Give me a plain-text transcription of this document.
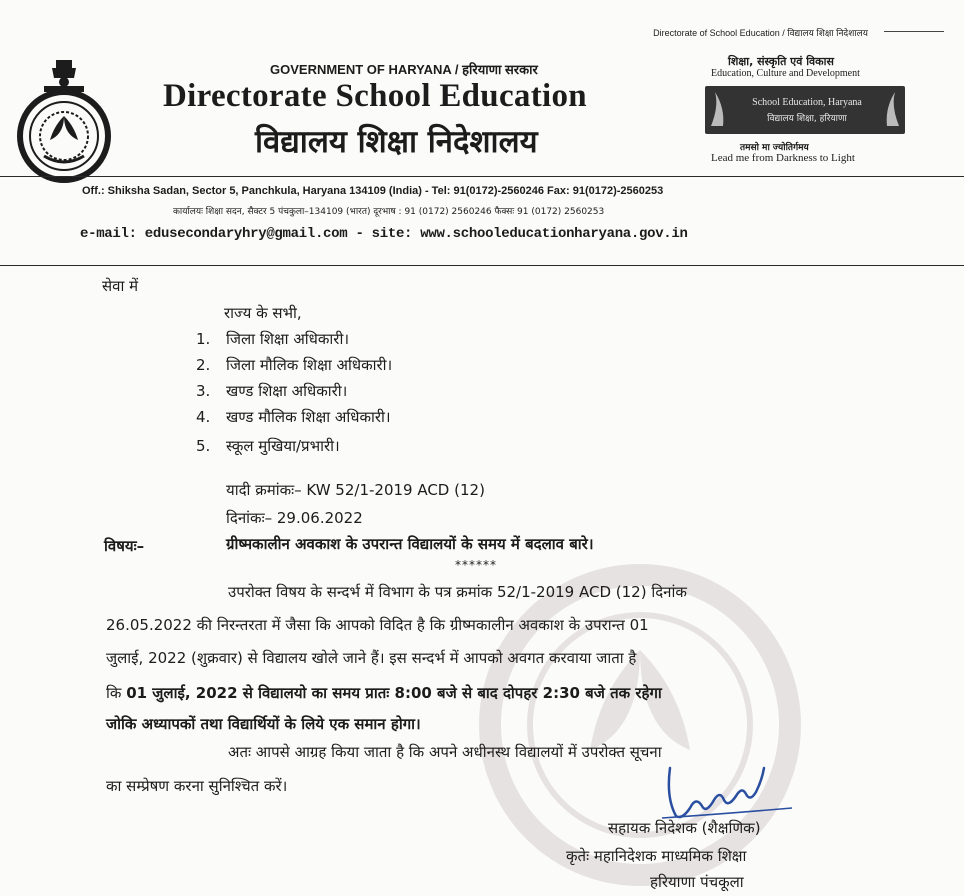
Directorate of School Education / विद्यालय शिक्षा निदेशालय
GOVERNMENT OF HARYANA / हरियाणा सरकार
Directorate School Education
विद्यालय शिक्षा निदेशालय
शिक्षा, संस्कृति एवं विकास
Education, Culture and Development
School Education, Haryana
विद्यालय शिक्षा, हरियाणा
तमसो मा ज्योतिर्गमय
Lead me from Darkness to Light
Off.: Shiksha Sadan, Sector 5, Panchkula, Haryana 134109 (India) - Tel: 91(0172)-2560246 Fax: 91(0172)-2560253
कार्यालयः शिक्षा सदन, सैक्टर 5 पंचकुला–134109 (भारत) दूरभाष : 91 (0172) 2560246 फैक्सः 91 (0172) 2560253
e-mail: edusecondaryhry@gmail.com - site: www.schooleducationharyana.gov.in
सेवा में
राज्य के सभी,
1. जिला शिक्षा अधिकारी।
2. जिला मौलिक शिक्षा अधिकारी।
3. खण्ड शिक्षा अधिकारी।
4. खण्ड मौलिक शिक्षा अधिकारी।
5. स्कूल मुखिया/प्रभारी।
यादी क्रमांकः– KW 52/1-2019 ACD (12)
दिनांकः– 29.06.2022
विषयः–	ग्रीष्मकालीन अवकाश के उपरान्त विद्यालयों के समय में बदलाव बारे।
******
उपरोक्त विषय के सन्दर्भ में विभाग के पत्र क्रमांक 52/1-2019 ACD (12) दिनांक
26.05.2022 की निरन्तरता में जैसा कि आपको विदित है कि ग्रीष्मकालीन अवकाश के उपरान्त 01
जुलाई, 2022 (शुक्रवार) से विद्यालय खोले जाने हैं। इस सन्दर्भ में आपको अवगत करवाया जाता है
कि 01 जुलाई, 2022 से विद्यालयो का समय प्रातः 8:00 बजे से बाद दोपहर 2:30 बजे तक रहेगा
जोकि अध्यापकों तथा विद्यार्थियों के लिये एक समान होगा।
अतः आपसे आग्रह किया जाता है कि अपने अधीनस्थ विद्यालयों में उपरोक्त सूचना
का सम्प्रेषण करना सुनिश्चित करें।
सहायक निदेशक (शैक्षणिक)
कृतेः महानिदेशक माध्यमिक शिक्षा
हरियाणा पंचकूला
